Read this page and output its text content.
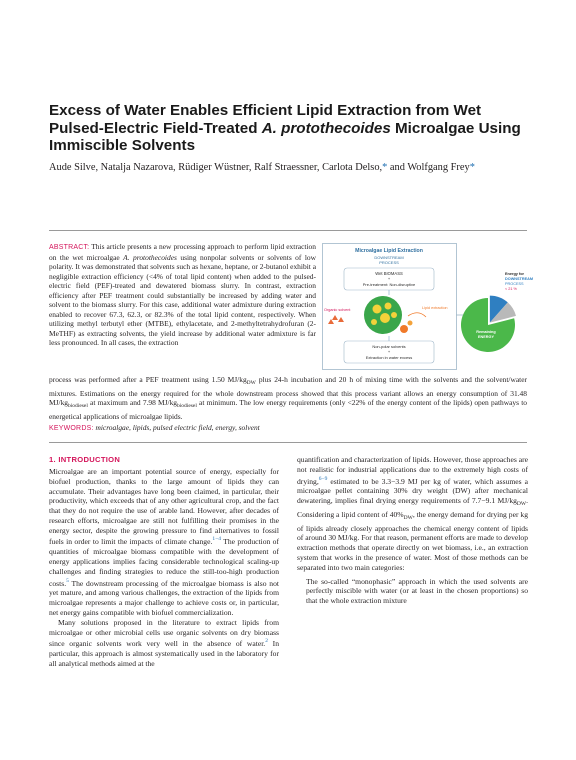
Excess of Water Enables Efficient Lipid Extraction from Wet Pulsed-Electric Field-Treated A. protothecoides Microalgae Using Immiscible Solvents
Aude Silve, Natalja Nazarova, Rüdiger Wüstner, Ralf Straessner, Carlota Delso,* and Wolfgang Frey*
ABSTRACT: This article presents a new processing approach to perform lipid extraction on the wet microalgae A. protothecoides using nonpolar solvents or solvents of low polarity. It was demonstrated that solvents such as hexane, heptane, or 2-butanol exhibit a negligible extraction efficiency (<4% of total lipid content) when added to the pulsed-electric field (PEF)-treated and dewatered biomass slurry. In contrast, extraction efficiency after PEF treatment could substantially be increased by adding water and solvent to the biomass slurry. For this case, additional water admixture during extraction enabled to recover 67.3, 62.3, or 82.3% of the total lipid content, respectively. When utilizing methyl terbutyl ether (MTBE), ethylacetate, and 2-methyltetrahydrofuran (2-MeTHF) as extracting solvents, the yield increase by additional water admixture is far less pronounced. In all cases, the extraction
process was performed after a PEF treatment using 1.50 $MJ/kg_{DW}$ plus 24-h incubation and 20 h of mixing time with the solvents and the solvent/water mixtures. Estimations on the energy required for the whole downstream process showed that this process variant allows an energy consumption of 31.48 $MJ/kg_{biodiesel}$ at maximum and 7.98 $MJ/kg_{biodiesel}$ at minimum. The low energy requirements (only <22% of the energy content of the lipids) open pathways to energetical applications of microalgae lipids.
KEYWORDS: microalgae, lipids, pulsed electric field, energy, solvent
Microalgae Lipid Extraction
DOWNSTREAM
PROCESS
Wet BIOMASS
+
Pre-treatment: Non-disruptive
Organic solvent	Lipid extraction
Non-polar solvents
+
Extraction in water excess
Energy for
DOWNSTREAM
PROCESS
< 21 %
Remaining
ENERGY
1. INTRODUCTION

Microalgae are an important potential source of energy, especially for biofuel production, thanks to the large amount of lipids they can accumulate. Their advantages have long been claimed, in particular, their productivity, which exceeds that of any other agricultural crop, and the fact that they do not require the use of arable land. However, after decades of research efforts, microalgae are still not fulfilling their promises in the energy sector, despite the growing pressure to find alternatives to fossil fuels in order to limit the impacts of climate change.$^{1-4}$ The production of quantities of microalgae biomass compatible with the development of energy applications implies facing considerable technological scaling-up challenges and finding strategies to reduce the still-too-high production costs.$^5$ The downstream processing of the microalgae biomass is also not yet mature, and among various challenges, the extraction of the lipids from microalgae represents a major challenge to achieve costs or, in particular, net energy gains compatible with biofuel commercialization.

Many solutions proposed in the literature to extract lipids from microalgae or other microbial cells use organic solvents on dry biomass since organic solvents work very well in the absence of water.$^2$ In particular, this approach is almost systematically used in the laboratory for all analytical methods aimed at the

quantification and characterization of lipids. However, those approaches are not realistic for industrial applications due to the extremely high costs of drying,$^{6-9}$ estimated to be 3.3−3.9 MJ per kg of water, which assumes a microalgae pellet containing 30% dry weight (DW) after mechanical dewatering, implies final drying energy requirements of 7.7−9.1 $MJ/kg_{DW}$. Considering a lipid content of $40\%_{DW}$, the energy demand for drying per kg of lipids already closely approaches the chemical energy content of lipids of around 30 MJ/kg. For that reason, permanent efforts are made to develop extraction methods that operate directly on wet biomass, i.e., an extraction system that works in the presence of water. Most of those methods can be separated into two main categories:

The so-called “monophasic” approach in which the used solvents are perfectly miscible with water (or at least in the chosen proportions) so that the whole extraction mixture
